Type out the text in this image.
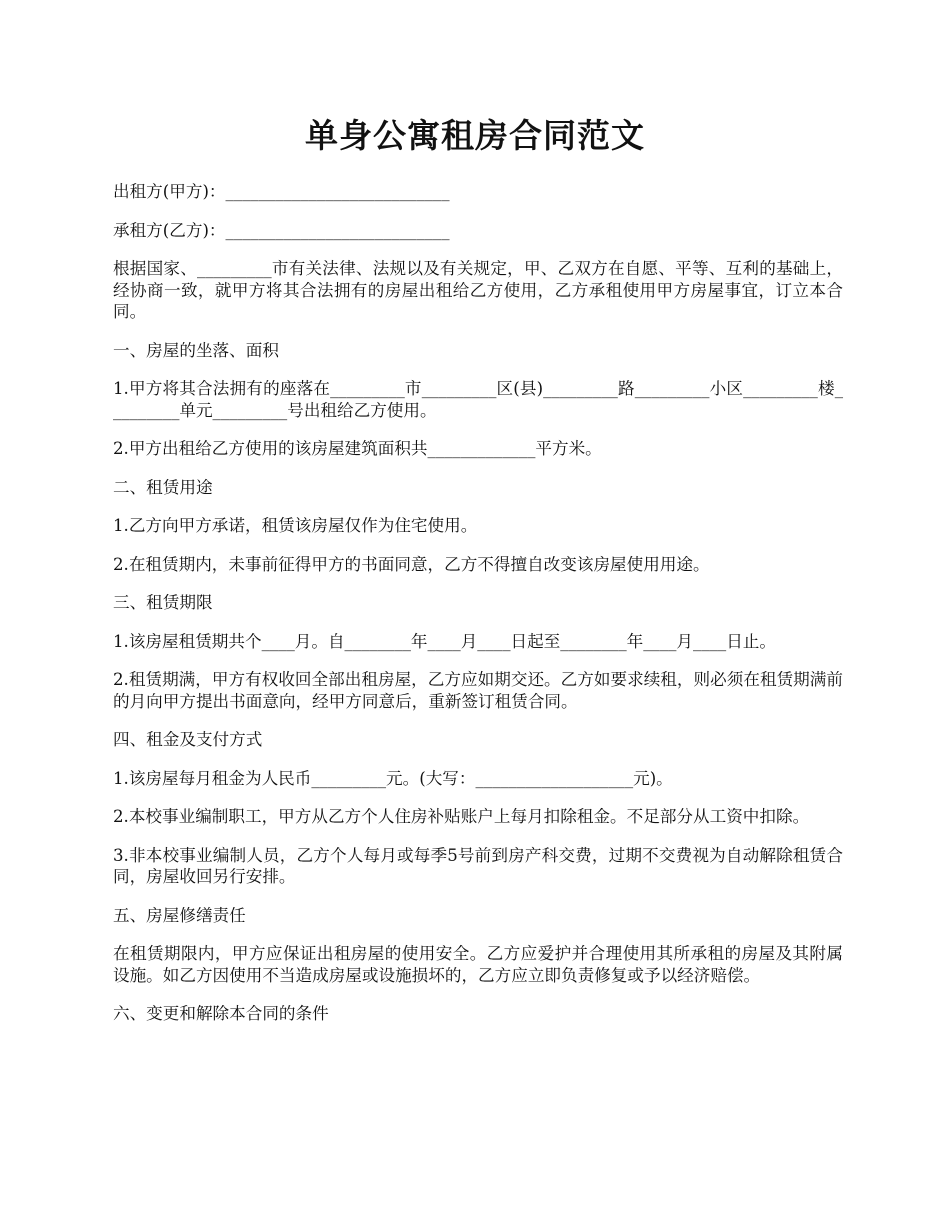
单身公寓租房合同范文

出租方(甲方)：___________________________

承租方(乙方)：___________________________

根据国家、_________市有关法律、法规以及有关规定，甲、乙双方在自愿、平等、互利的基础上，经协商一致，就甲方将其合法拥有的房屋出租给乙方使用，乙方承租使用甲方房屋事宜，订立本合同。

一、房屋的坐落、面积

1.甲方将其合法拥有的座落在_________市_________区(县)_________路_________小区_________楼_________单元_________号出租给乙方使用。

2.甲方出租给乙方使用的该房屋建筑面积共_____________平方米。

二、租赁用途

1.乙方向甲方承诺，租赁该房屋仅作为住宅使用。

2.在租赁期内，未事前征得甲方的书面同意，乙方不得擅自改变该房屋使用用途。

三、租赁期限

1.该房屋租赁期共个____月。自________年____月____日起至________年____月____日止。

2.租赁期满，甲方有权收回全部出租房屋，乙方应如期交还。乙方如要求续租，则必须在租赁期满前的月向甲方提出书面意向，经甲方同意后，重新签订租赁合同。

四、租金及支付方式

1.该房屋每月租金为人民币_________元。(大写：___________________元)。

2.本校事业编制职工，甲方从乙方个人住房补贴账户上每月扣除租金。不足部分从工资中扣除。

3.非本校事业编制人员，乙方个人每月或每季5号前到房产科交费，过期不交费视为自动解除租赁合同，房屋收回另行安排。

五、房屋修缮责任

在租赁期限内，甲方应保证出租房屋的使用安全。乙方应爱护并合理使用其所承租的房屋及其附属设施。如乙方因使用不当造成房屋或设施损坏的，乙方应立即负责修复或予以经济赔偿。

六、变更和解除本合同的条件
